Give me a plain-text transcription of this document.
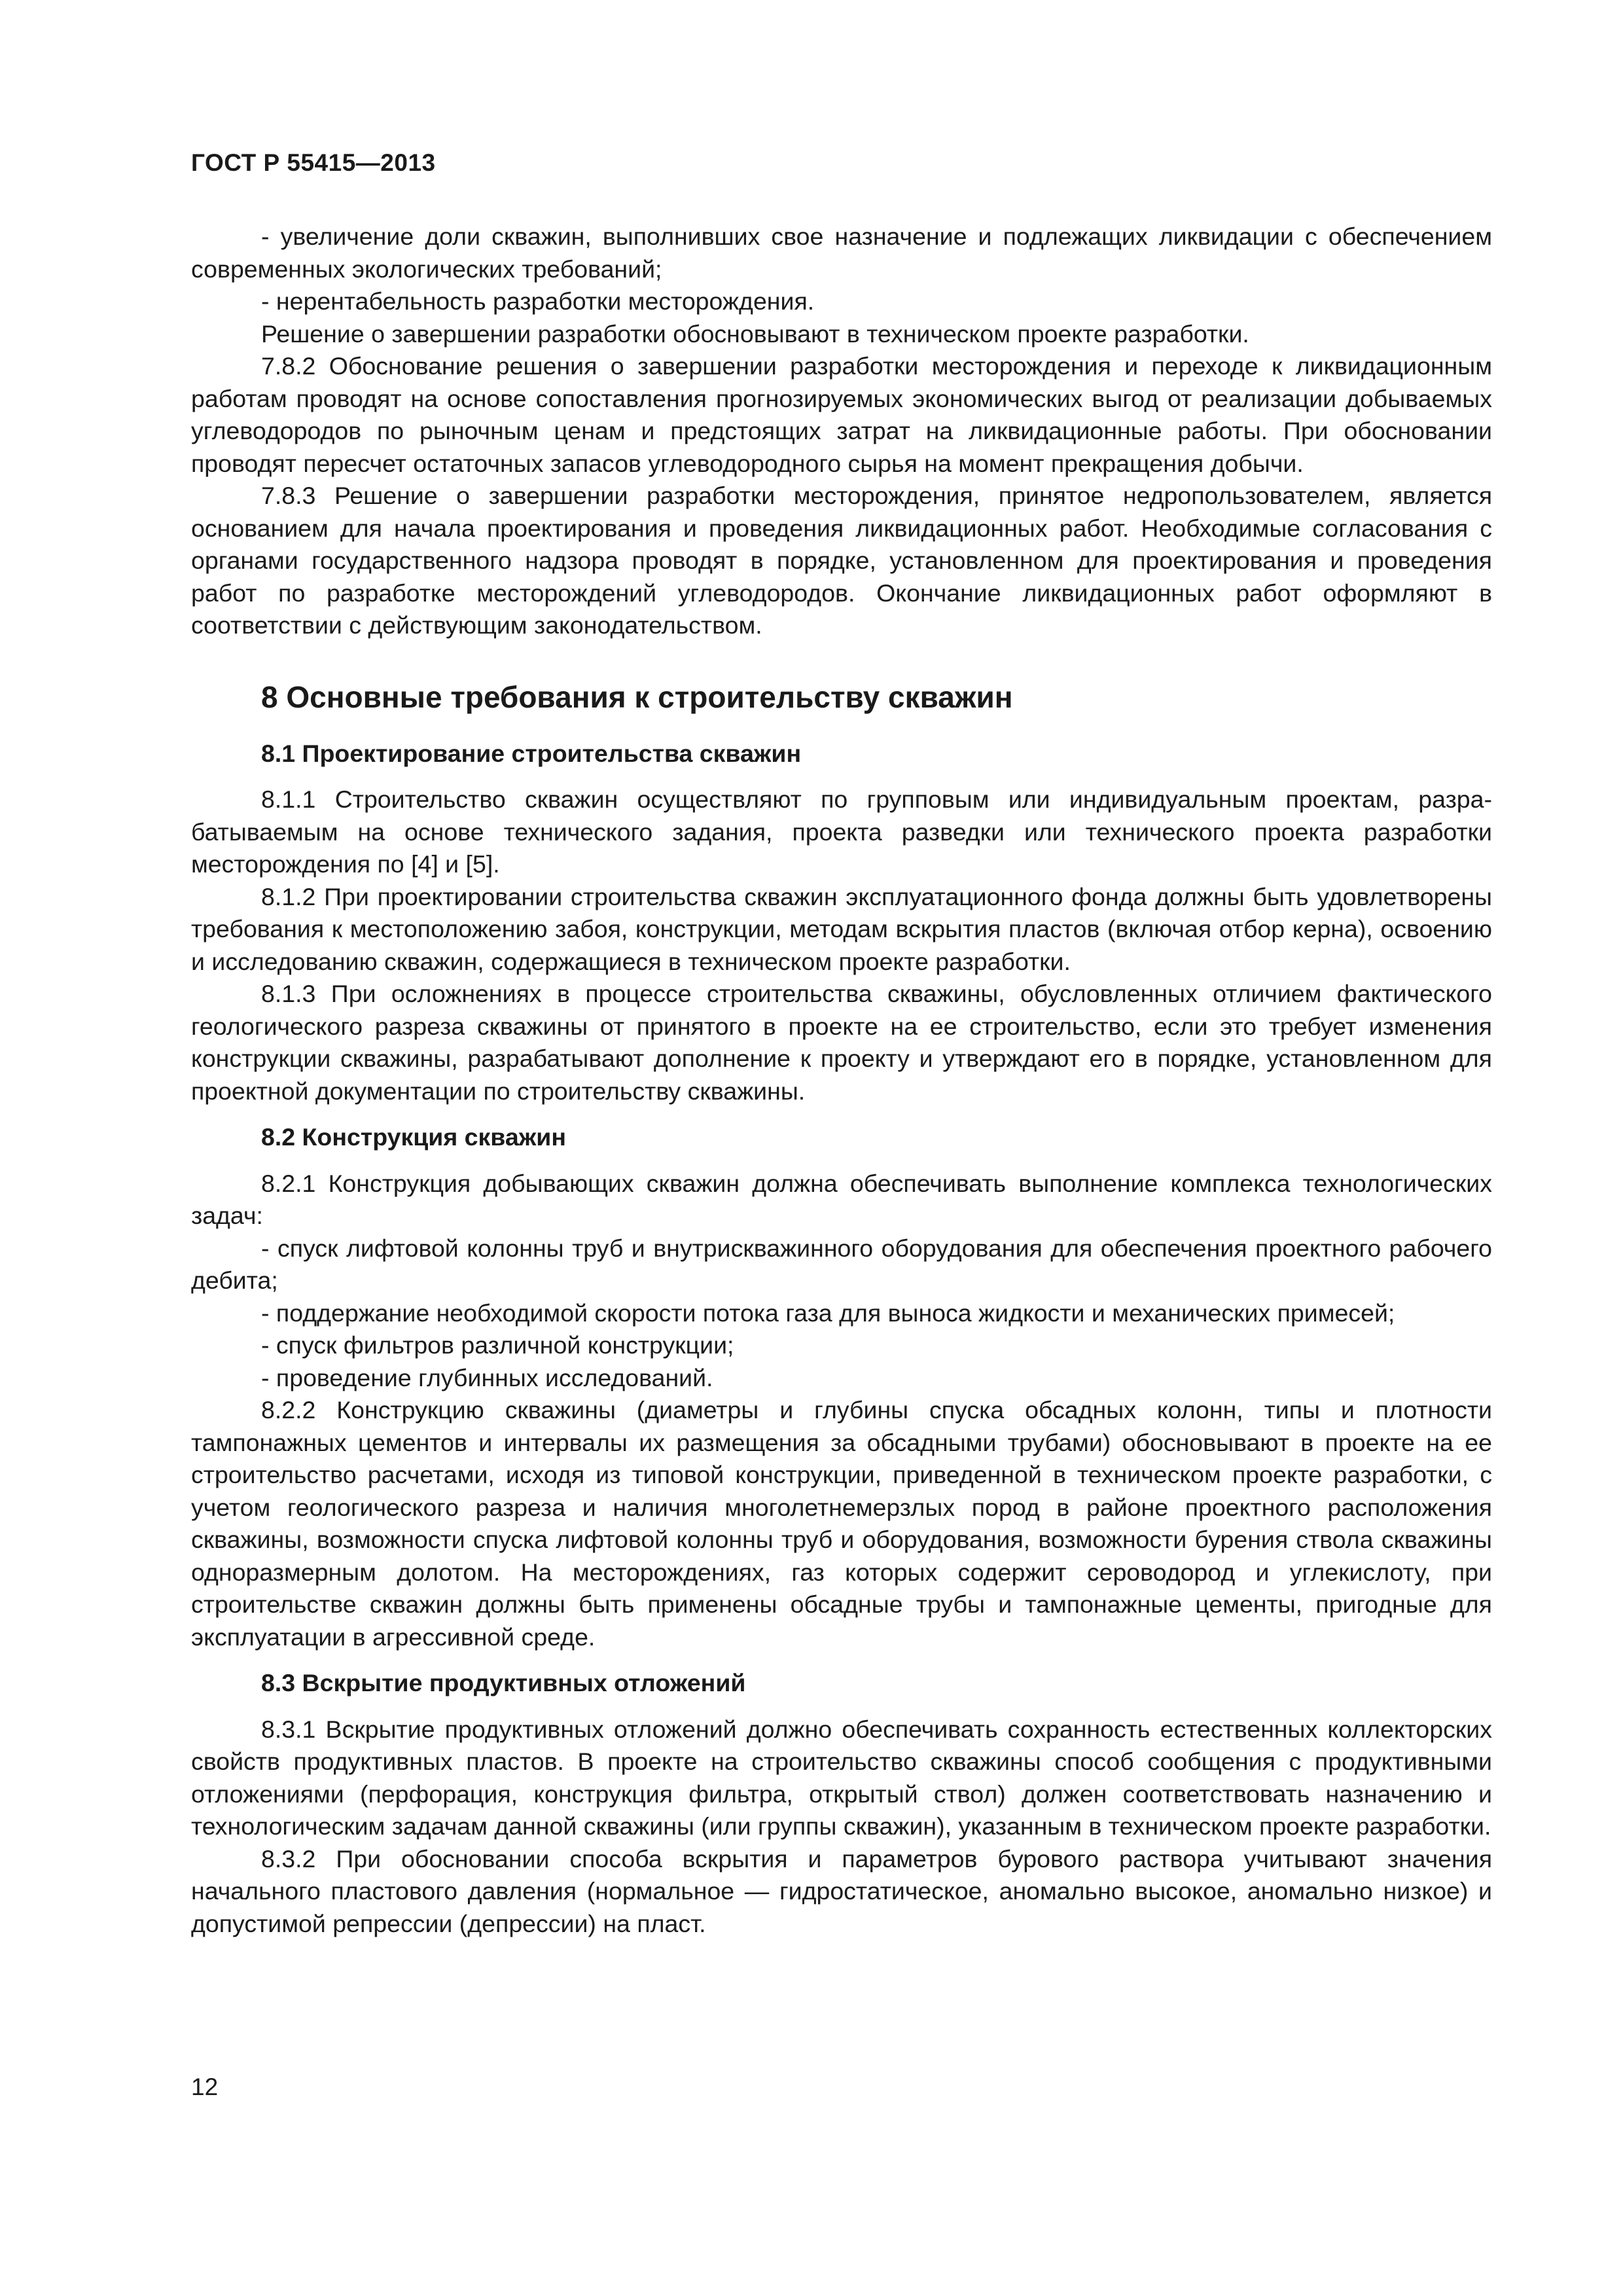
ГОСТ Р 55415—2013

- увеличение доли скважин, выполнивших свое назначение и подлежащих ликвидации с обеспечением современных экологических требований;

- нерентабельность разработки месторождения.

Решение о завершении разработки обосновывают в техническом проекте разработки.

7.8.2 Обоснование решения о завершении разработки месторождения и переходе к ликвидационным работам проводят на основе сопоставления прогнозируемых экономических выгод от реализации добываемых углеводородов по рыночным ценам и предстоящих затрат на ликвидационные работы. При обосновании проводят пересчет остаточных запасов углеводородного сырья на момент прекращения добычи.

7.8.3 Решение о завершении разработки месторождения, принятое недропользователем, является основанием для начала проектирования и проведения ликвидационных работ. Необходимые согласования с органами государственного надзора проводят в порядке, установленном для проектирования и проведения работ по разработке месторождений углеводородов. Окончание ликвидационных работ оформляют в соответствии с действующим законодательством.

8 Основные требования к строительству скважин
8.1 Проектирование строительства скважин

8.1.1 Строительство скважин осуществляют по групповым или индивидуальным проектам, разрабатываемым на основе технического задания, проекта разведки или технического проекта разработки месторождения по [4] и [5].

8.1.2 При проектировании строительства скважин эксплуатационного фонда должны быть удовлетворены требования к местоположению забоя, конструкции, методам вскрытия пластов (включая отбор керна), освоению и исследованию скважин, содержащиеся в техническом проекте разработки.

8.1.3 При осложнениях в процессе строительства скважины, обусловленных отличием фактического геологического разреза скважины от принятого в проекте на ее строительство, если это требует изменения конструкции скважины, разрабатывают дополнение к проекту и утверждают его в порядке, установленном для проектной документации по строительству скважины.

8.2 Конструкция скважин

8.2.1 Конструкция добывающих скважин должна обеспечивать выполнение комплекса технологических задач:

- спуск лифтовой колонны труб и внутрискважинного оборудования для обеспечения проектного рабочего дебита;

- поддержание необходимой скорости потока газа для выноса жидкости и механических примесей;

- спуск фильтров различной конструкции;

- проведение глубинных исследований.

8.2.2 Конструкцию скважины (диаметры и глубины спуска обсадных колонн, типы и плотности тампонажных цементов и интервалы их размещения за обсадными трубами) обосновывают в проекте на ее строительство расчетами, исходя из типовой конструкции, приведенной в техническом проекте разработки, с учетом геологического разреза и наличия многолетнемерзлых пород в районе проектного расположения скважины, возможности спуска лифтовой колонны труб и оборудования, возможности бурения ствола скважины одноразмерным долотом. На месторождениях, газ которых содержит сероводород и углекислоту, при строительстве скважин должны быть применены обсадные трубы и тампонажные цементы, пригодные для эксплуатации в агрессивной среде.

8.3 Вскрытие продуктивных отложений

8.3.1 Вскрытие продуктивных отложений должно обеспечивать сохранность естественных коллекторских свойств продуктивных пластов. В проекте на строительство скважины способ сообщения с продуктивными отложениями (перфорация, конструкция фильтра, открытый ствол) должен соответствовать назначению и технологическим задачам данной скважины (или группы скважин), указанным в техническом проекте разработки.

8.3.2 При обосновании способа вскрытия и параметров бурового раствора учитывают значения начального пластового давления (нормальное — гидростатическое, аномально высокое, аномально низкое) и допустимой репрессии (депрессии) на пласт.

12
